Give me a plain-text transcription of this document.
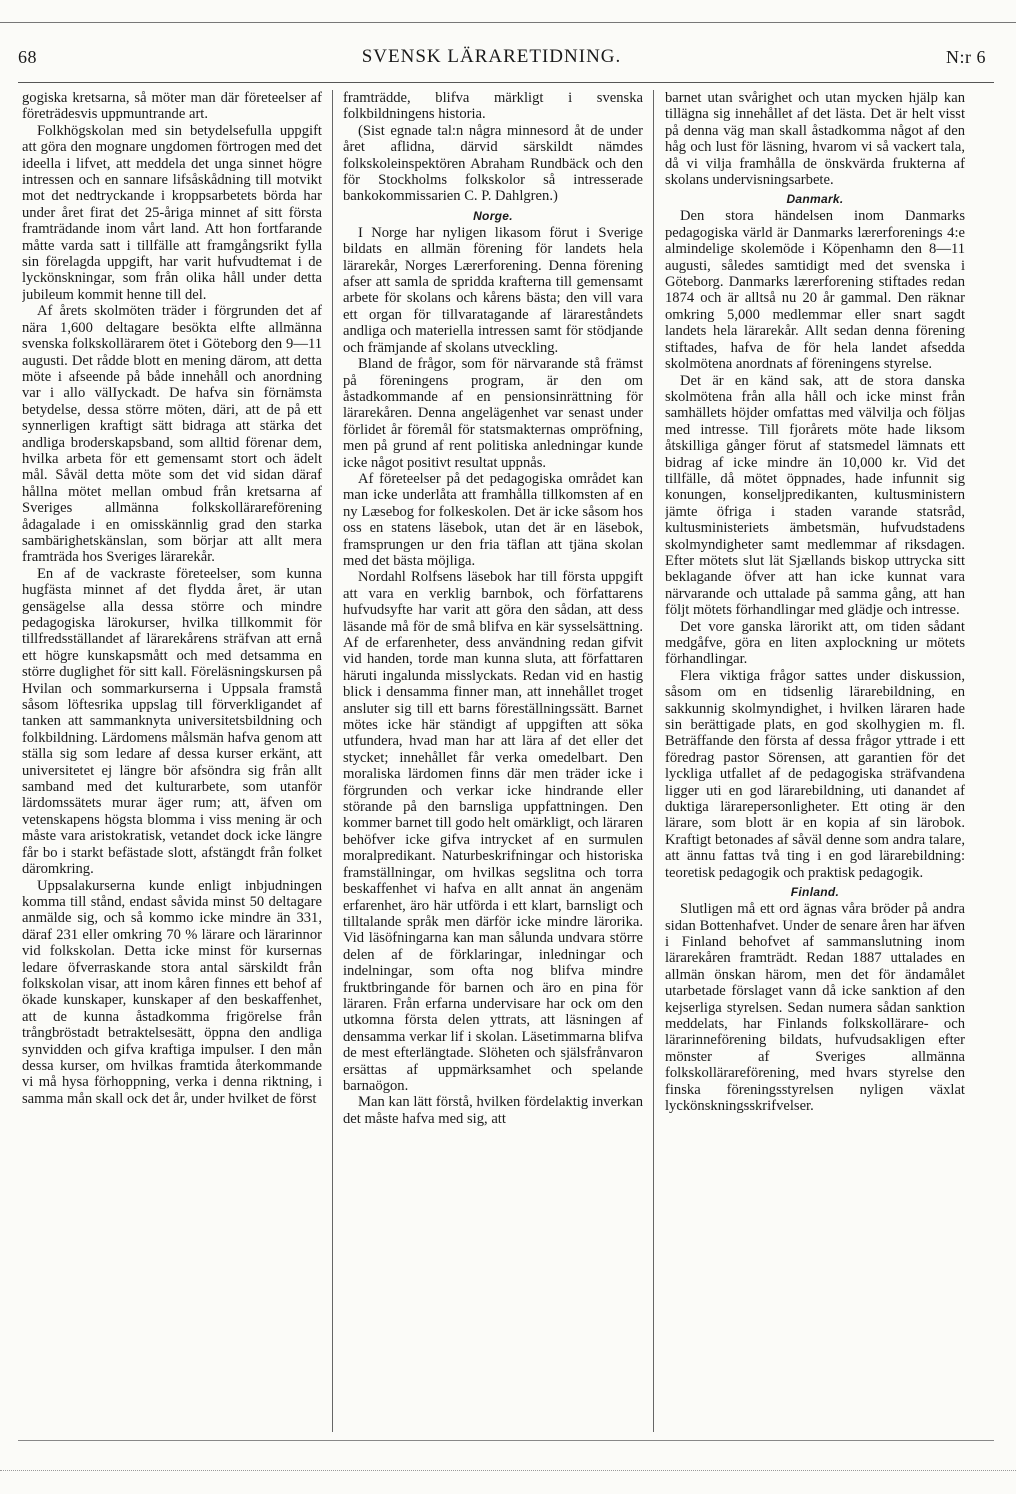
68	SVENSK LÄRARETIDNING.	N:r 6

gogiska kretsarna, så möter man där företeelser af företrädesvis uppmuntrande art.

Folkhögskolan med sin betydelsefulla uppgift att göra den mognare ungdomen förtrogen med det ideella i lifvet, att meddela det unga sinnet högre intressen och en sannare lifsåskådning till motvikt mot det nedtryckande i kroppsarbetets börda har under året firat det 25-åriga minnet af sitt första framträdande inom vårt land. Att hon fortfarande måtte varda satt i tillfälle att framgångsrikt fylla sin förelagda uppgift, har varit hufvudtemat i de lyckönskningar, som från olika håll under detta jubileum kommit henne till del.

Af årets skolmöten träder i förgrunden det af nära 1,600 deltagare besökta elfte allmänna svenska folkskollärarem ötet i Göteborg den 9—11 augusti. Det rådde blott en mening därom, att detta möte i afseende på både innehåll och anordning var i allo välIyckadt. De hafva sin förnämsta betydelse, dessa större möten, däri, att de på ett synnerligen kraftigt sätt bidraga att stärka det andliga broderskapsband, som alltid förenar dem, hvilka arbeta för ett gemensamt stort och ädelt mål. Såväl detta möte som det vid sidan däraf hållna mötet mellan ombud från kretsarna af Sveriges allmänna folkskollärareförening ådagalade i en omisskännlig grad den starka sambärighetskänslan, som börjar att allt mera framträda hos Sveriges lärarekår.

En af de vackraste företeelser, som kunna hugfästa minnet af det flydda året, är utan gensägelse alla dessa större och mindre pedagogiska lärokurser, hvilka tillkommit för tillfredsställandet af lärarekårens sträfvan att ernå ett högre kunskapsmått och med detsamma en större duglighet för sitt kall. Föreläsningskursen på Hvilan och sommarkurserna i Uppsala framstå såsom löftesrika uppslag till förverkligandet af tanken att sammanknyta universitetsbildning och folkbildning. Lärdomens målsmän hafva genom att ställa sig som ledare af dessa kurser erkänt, att universitetet ej längre bör afsöndra sig från allt samband med det kulturarbete, som utanför lärdomssätets murar äger rum; att, äfven om vetenskapens högsta blomma i viss mening är och måste vara aristokratisk, vetandet dock icke längre får bo i starkt befästade slott, afstängdt från folket däromkring.

Uppsalakurserna kunde enligt inbjudningen komma till stånd, endast såvida minst 50 deltagare anmälde sig, och så kommo icke mindre än 331, däraf 231 eller omkring 70 % lärare och lärarinnor vid folkskolan. Detta icke minst för kursernas ledare öfverraskande stora antal särskildt från folkskolan visar, att inom kåren finnes ett behof af ökade kunskaper, kunskaper af den beskaffenhet, att de kunna åstadkomma frigörelse från trångbröstadt betraktelsesätt, öppna den andliga synvidden och gifva kraftiga impulser. I den mån dessa kurser, om hvilkas framtida återkommande vi må hysa förhoppning, verka i denna riktning, i samma mån skall ock det år, under hvilket de först

framträdde, blifva märkligt i svenska folkbildningens historia.

(Sist egnade tal:n några minnesord åt de under året aflidna, därvid särskildt nämdes folkskoleinspektören Abraham Rundbäck och den för Stockholms folkskolor så intresserade bankokommissarien C. P. Dahlgren.)

Norge.

I Norge har nyligen likasom förut i Sverige bildats en allmän förening för landets hela lärarekår, Norges Lærerforening. Denna förening afser att samla de spridda krafterna till gemensamt arbete för skolans och kårens bästa; den vill vara ett organ för tillvaratagande af lärareståndets andliga och materiella intressen samt för stödjande och främjande af skolans utveckling.

Bland de frågor, som för närvarande stå främst på föreningens program, är den om åstadkommande af en pensionsinrättning för lärarekåren. Denna angelägenhet var senast under förlidet år föremål för statsmakternas ompröfning, men på grund af rent politiska anledningar kunde icke något positivt resultat uppnås.

Af företeelser på det pedagogiska området kan man icke underlåta att framhålla tillkomsten af en ny Læsebog for folkeskolen. Det är icke såsom hos oss en statens läsebok, utan det är en läsebok, framsprungen ur den fria täflan att tjäna skolan med det bästa möjliga.

Nordahl Rolfsens läsebok har till första uppgift att vara en verklig barnbok, och författarens hufvudsyfte har varit att göra den sådan, att dess läsande må för de små blifva en kär sysselsättning. Af de erfarenheter, dess användning redan gifvit vid handen, torde man kunna sluta, att författaren häruti ingalunda misslyckats. Redan vid en hastig blick i densamma finner man, att innehållet troget ansluter sig till ett barns föreställningssätt. Barnet mötes icke här ständigt af uppgiften att söka utfundera, hvad man har att lära af det eller det stycket; innehållet får verka omedelbart. Den moraliska lärdomen finns där men träder icke i förgrunden och verkar icke hindrande eller störande på den barnsliga uppfattningen. Den kommer barnet till godo helt omärkligt, och läraren behöfver icke gifva intrycket af en surmulen moralpredikant. Naturbeskrifningar och historiska framställningar, om hvilkas segslitna och torra beskaffenhet vi hafva en allt annat än angenäm erfarenhet, äro här utförda i ett klart, barnsligt och tilltalande språk men därför icke mindre lärorika. Vid läsöfningarna kan man sålunda undvara större delen af de förklaringar, inledningar och indelningar, som ofta nog blifva mindre fruktbringande för barnen och äro en pina för läraren. Från erfarna undervisare har ock om den utkomna första delen yttrats, att läsningen af densamma verkar lif i skolan. Läsetimmarna blifva de mest efterlängtade. Slöheten och själsfrånvaron ersättas af uppmärksamhet och spelande barnaögon.

Man kan lätt förstå, hvilken fördelaktig inverkan det måste hafva med sig, att

barnet utan svårighet och utan mycken hjälp kan tillägna sig innehållet af det lästa. Det är helt visst på denna väg man skall åstadkomma något af den håg och lust för läsning, hvarom vi så vackert tala, då vi vilja framhålla de önskvärda frukterna af skolans undervisningsarbete.

Danmark.

Den stora händelsen inom Danmarks pedagogiska värld är Danmarks lærerforenings 4:e almindelige skolemöde i Köpenhamn den 8—11 augusti, således samtidigt med det svenska i Göteborg. Danmarks lærerforening stiftades redan 1874 och är alltså nu 20 år gammal. Den räknar omkring 5,000 medlemmar eller snart sagdt landets hela lärarekår. Allt sedan denna förening stiftades, hafva de för hela landet afsedda skolmötena anordnats af föreningens styrelse.

Det är en känd sak, att de stora danska skolmötena från alla håll och icke minst från samhällets höjder omfattas med välvilja och följas med intresse. Till fjorårets möte hade liksom åtskilliga gånger förut af statsmedel lämnats ett bidrag af icke mindre än 10,000 kr. Vid det tillfälle, då mötet öppnades, hade infunnit sig konungen, konseljpredikanten, kultusministern jämte öfriga i staden varande statsråd, kultusministeriets ämbetsmän, hufvudstadens skolmyndigheter samt medlemmar af riksdagen. Efter mötets slut lät Sjællands biskop uttrycka sitt beklagande öfver att han icke kunnat vara närvarande och uttalade på samma gång, att han följt mötets förhandlingar med glädje och intresse.

Det vore ganska lärorikt att, om tiden sådant medgåfve, göra en liten axplockning ur mötets förhandlingar.

Flera viktiga frågor sattes under diskussion, såsom om en tidsenlig lärarebildning, en sakkunnig skolmyndighet, i hvilken läraren hade sin berättigade plats, en god skolhygien m. fl. Beträffande den första af dessa frågor yttrade i ett föredrag pastor Sörensen, att garantien för det lyckliga utfallet af de pedagogiska sträfvandena ligger uti en god lärarebildning, uti danandet af duktiga lärarepersonligheter. Ett oting är den lärare, som blott är en kopia af sin lärobok. Kraftigt betonades af såväl denne som andra talare, att ännu fattas två ting i en god lärarebildning: teoretisk pedagogik och praktisk pedagogik.

Finland.

Slutligen må ett ord ägnas våra bröder på andra sidan Bottenhafvet. Under de senare åren har äfven i Finland behofvet af sammanslutning inom lärarekåren framträdt. Redan 1887 uttalades en allmän önskan härom, men det för ändamålet utarbetade förslaget vann då icke sanktion af den kejserliga styrelsen. Sedan numera sådan sanktion meddelats, har Finlands folkskollärare- och lärarinneförening bildats, hufvudsakligen efter mönster af Sveriges allmänna folkskollärareförening, med hvars styrelse den finska föreningsstyrelsen nyligen växlat lyckönskningsskrifvelser.
